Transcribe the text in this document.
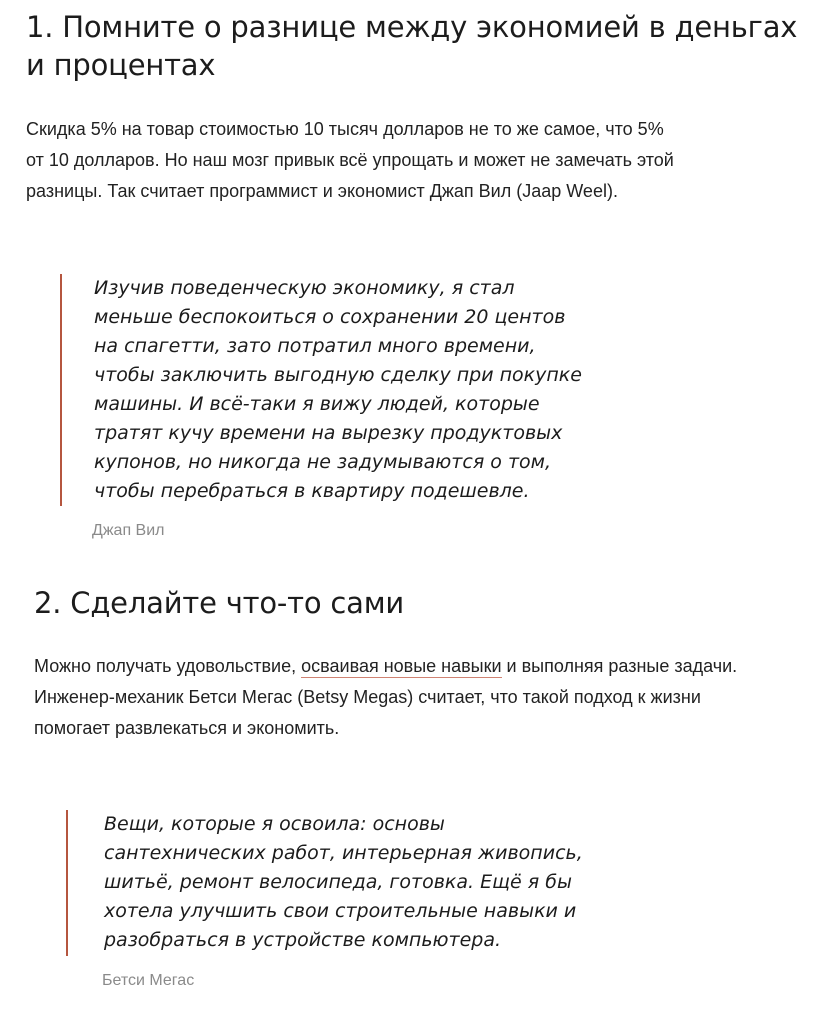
1. Помните о разнице между экономией в деньгах и процентах
Скидка 5% на товар стоимостью 10 тысяч долларов не то же самое, что 5%
от 10 долларов. Но наш мозг привык всё упрощать и может не замечать этой
разницы. Так считает программист и экономист Джап Вил (Jaap Weel).
Изучив поведенческую экономику, я стал
меньше беспокоиться о сохранении 20 центов
на спагетти, зато потратил много времени,
чтобы заключить выгодную сделку при покупке
машины. И всё-таки я вижу людей, которые
тратят кучу времени на вырезку продуктовых
купонов, но никогда не задумываются о том,
чтобы перебраться в квартиру подешевле.
Джап Вил
2. Сделайте что-то сами
Можно получать удовольствие, осваивая новые навыки и выполняя разные задачи.
Инженер-механик Бетси Мегас (Betsy Megas) считает, что такой подход к жизни
помогает развлекаться и экономить.
Вещи, которые я освоила: основы
сантехнических работ, интерьерная живопись,
шитьё, ремонт велосипеда, готовка. Ещё я бы
хотела улучшить свои строительные навыки и
разобраться в устройстве компьютера.
Бетси Мегас
